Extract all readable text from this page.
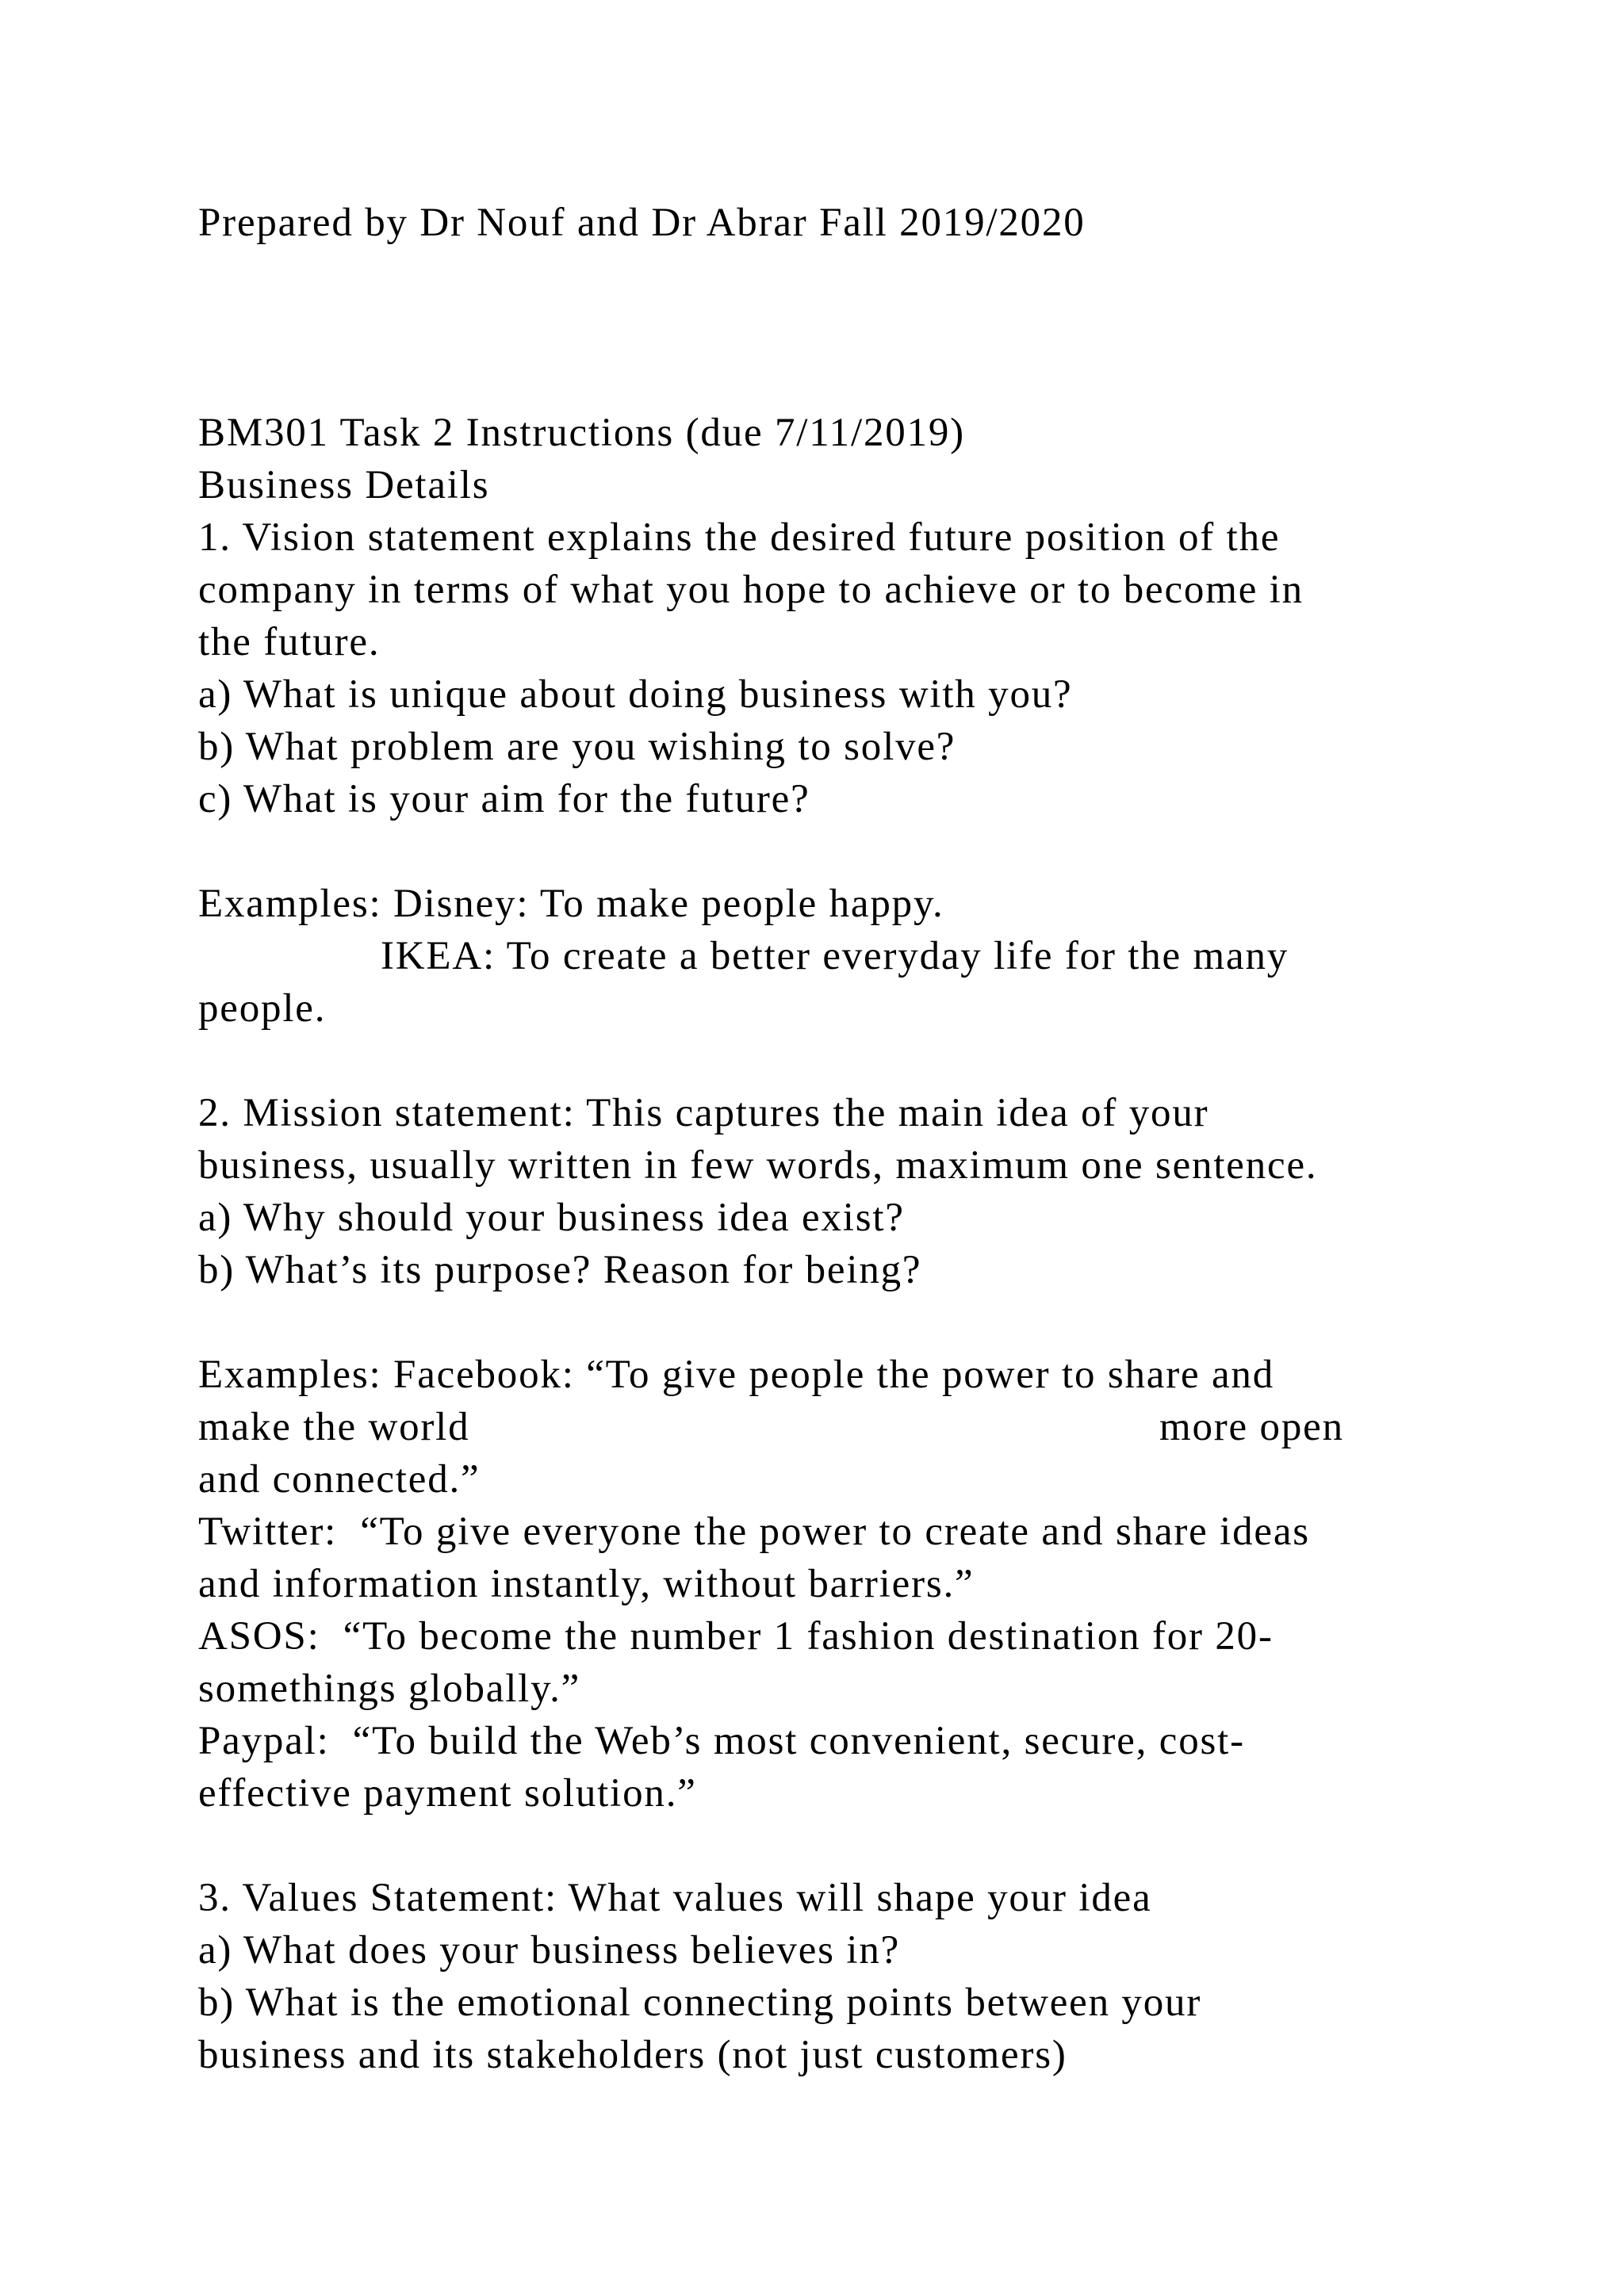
Prepared by Dr Nouf and Dr Abrar Fall 2019/2020

BM301 Task 2 Instructions (due 7/11/2019)

Business Details

1. Vision statement explains the desired future position of the

company in terms of what you hope to achieve or to become in

the future.

a) What is unique about doing business with you?

b) What problem are you wishing to solve?

c) What is your aim for the future?

Examples: Disney: To make people happy.

IKEA: To create a better everyday life for the many

people.

2. Mission statement: This captures the main idea of your

business, usually written in few words, maximum one sentence.

a) Why should your business idea exist?

b) What’s its purpose? Reason for being?

Examples: Facebook: “To give people the power to share and

make the world	more open

and connected.”

Twitter:  “To give everyone the power to create and share ideas

and information instantly, without barriers.”

ASOS:  “To become the number 1 fashion destination for 20-

somethings globally.”

Paypal:  “To build the Web’s most convenient, secure, cost-

effective payment solution.”

3. Values Statement: What values will shape your idea

a) What does your business believes in?

b) What is the emotional connecting points between your

business and its stakeholders (not just customers)
